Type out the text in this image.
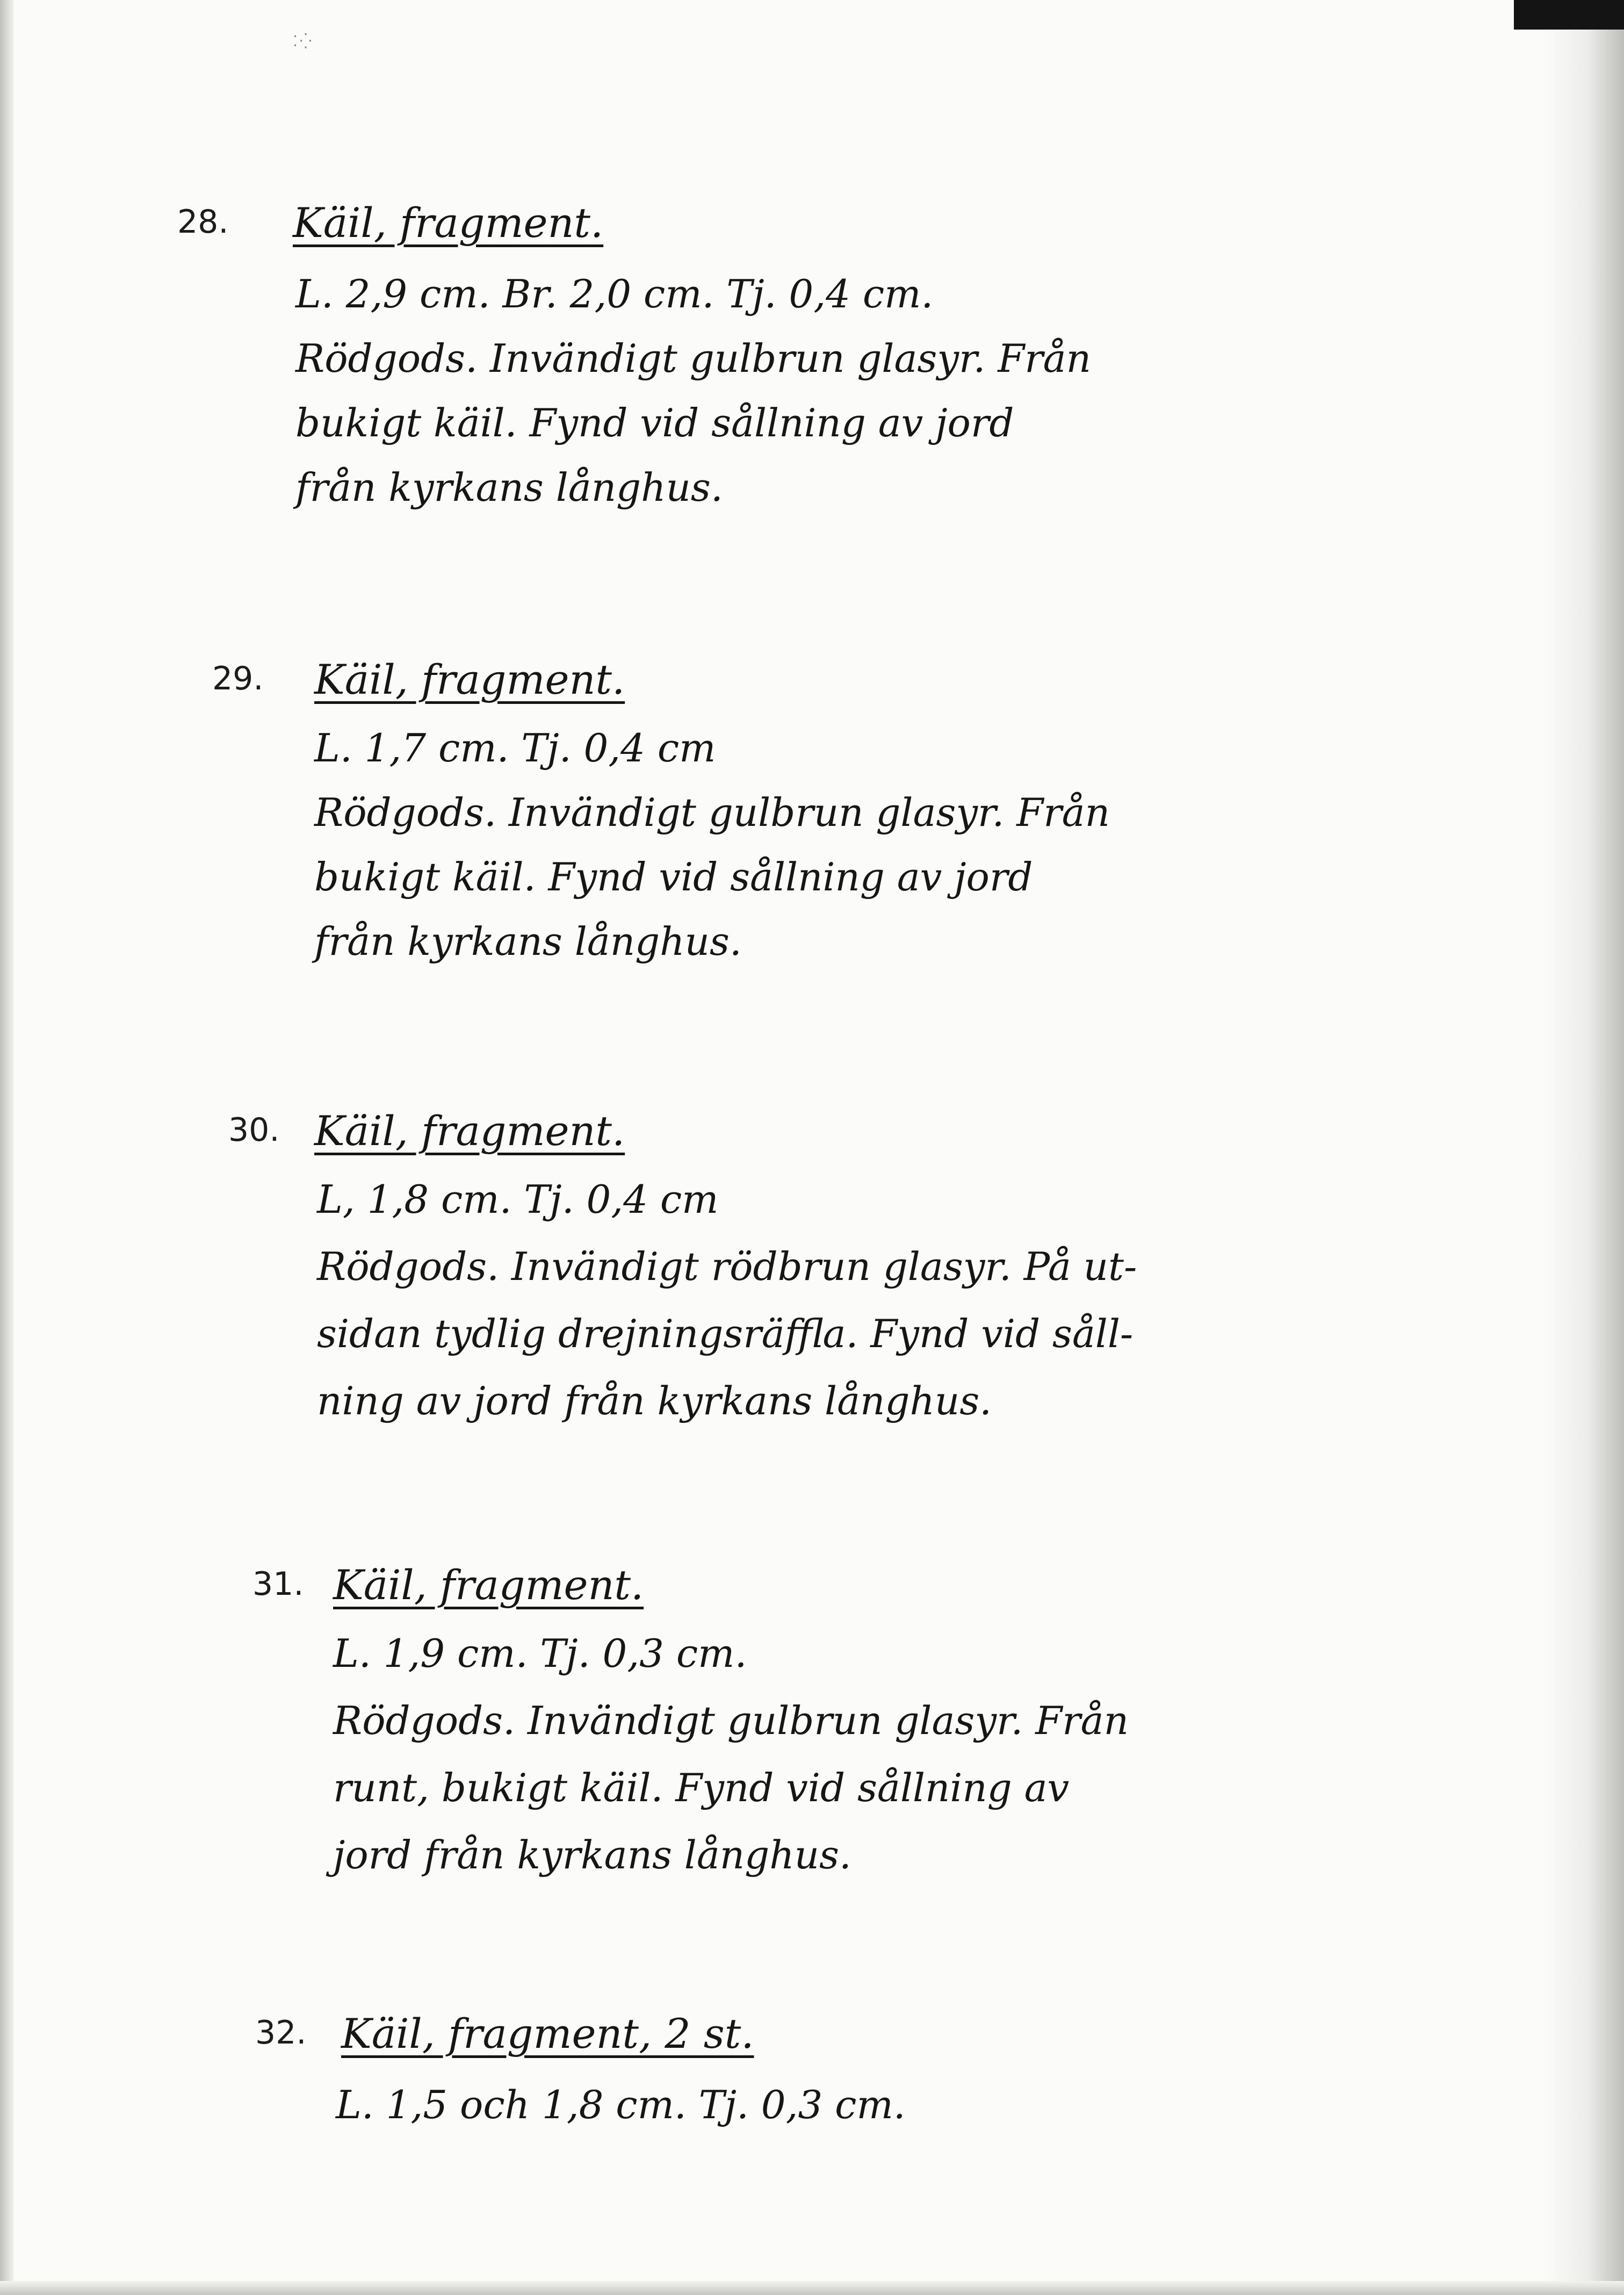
⁚⁛
28. Käil, fragment.
L. 2,9 cm. Br. 2,0 cm. Tj. 0,4 cm.
Rödgods. Invändigt gulbrun glasyr. Från
bukigt käil. Fynd vid sållning av jord
från kyrkans långhus.
29. Käil, fragment.
L. 1,7 cm. Tj. 0,4 cm
Rödgods. Invändigt gulbrun glasyr. Från
bukigt käil. Fynd vid sållning av jord
från kyrkans långhus.
30. Käil, fragment.
L, 1,8 cm. Tj. 0,4 cm
Rödgods. Invändigt rödbrun glasyr. På ut-
sidan tydlig drejningsräffla. Fynd vid såll-
ning av jord från kyrkans långhus.
31. Käil, fragment.
L. 1,9 cm. Tj. 0,3 cm.
Rödgods. Invändigt gulbrun glasyr. Från
runt, bukigt käil. Fynd vid sållning av
jord från kyrkans långhus.
32. Käil, fragment, 2 st.
L. 1,5 och 1,8 cm. Tj. 0,3 cm.
